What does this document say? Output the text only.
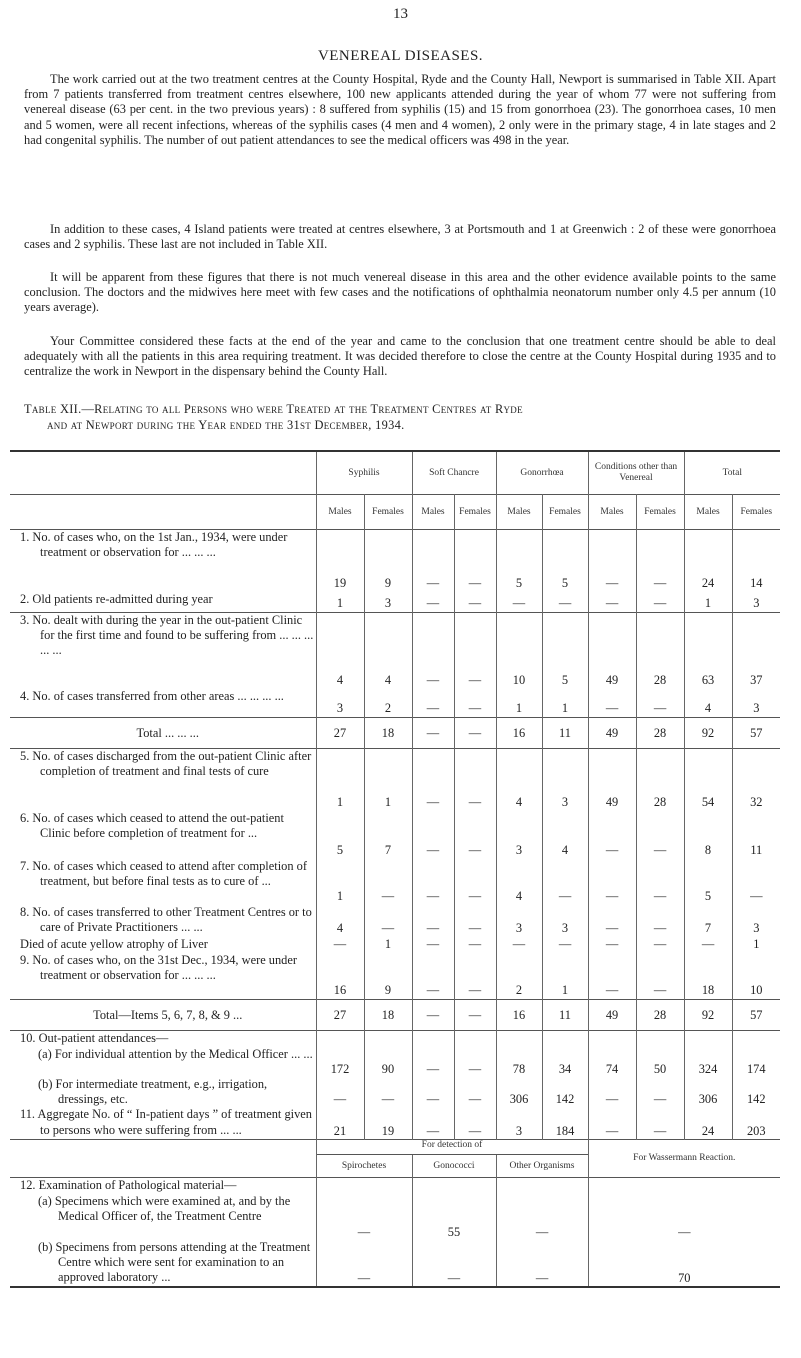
13
VENEREAL DISEASES.

The work carried out at the two treatment centres at the County Hospital, Ryde and the County Hall, Newport is summarised in Table XII. Apart from 7 patients transferred from treatment centres elsewhere, 100 new applicants attended during the year of whom 77 were not suffering from venereal disease (63 per cent. in the two previous years) : 8 suffered from syphilis (15) and 15 from gonorrhoea (23). The gonorrhoea cases, 10 men and 5 women, were all recent infections, whereas of the syphilis cases (4 men and 4 women), 2 only were in the primary stage, 4 in late stages and 2 had congenital syphilis. The number of out patient attendances to see the medical officers was 498 in the year.

In addition to these cases, 4 Island patients were treated at centres elsewhere, 3 at Portsmouth and 1 at Greenwich : 2 of these were gonorrhoea cases and 2 syphilis. These last are not included in Table XII.

It will be apparent from these figures that there is not much venereal disease in this area and the other evidence available points to the same conclusion. The doctors and the midwives here meet with few cases and the notifications of ophthalmia neonatorum number only 4.5 per annum (10 years average).

Your Committee considered these facts at the end of the year and came to the conclusion that one treatment centre should be able to deal adequately with all the patients in this area requiring treatment. It was decided therefore to close the centre at the County Hospital during 1935 and to centralize the work in Newport in the dispensary behind the County Hall.

Table XII.—Relating to all Persons who were Treated at the Treatment Centres at Ryde
and at Newport during the Year ended the 31st December, 1934.
	Syphilis		Soft Chancre		Gonorrhœa		Conditions other than Venereal		Total	
	Males	Females	Males	Females	Males	Females	Males	Females	Males	Females

1. No. of cases who, on the 1st Jan., 1934, were under treatment or observation for ... ... ...	19	9	—	—	5	5	—	—	24	14

2. Old patients re-admitted during year	1	3	—	—	—	—	—	—	1	3

3. No. dealt with during the year in the out-patient Clinic for the first time and found to be suffering from ... ... ... ... ...	4	4	—	—	10	5	49	28	63	37

4. No. of cases transferred from other areas ... ... ... ...	3	2	—	—	1	1	—	—	4	3
Total ... ... ...	27	18	—	—	16	11	49	28	92	57

5. No. of cases discharged from the out-patient Clinic after completion of treatment and final tests of cure	1	1	—	—	4	3	49	28	54	32

6. No. of cases which ceased to attend the out-patient Clinic before completion of treatment for ...	5	7	—	—	3	4	—	—	8	11

7. No. of cases which ceased to attend after completion of treatment, but before final tests as to cure of ...	1	—	—	—	4	—	—	—	5	—

8. No. of cases transferred to other Treatment Centres or to care of Private Practitioners ... ...	4	—	—	—	3	3	—	—	7	3

Died of acute yellow atrophy of Liver	—	1	—	—	—	—	—	—	—	1

9. No. of cases who, on the 31st Dec., 1934, were under treatment or observation for ... ... ...	16	9	—	—	2	1	—	—	18	10
Total—Items 5, 6, 7, 8, & 9 ...	27	18	—	—	16	11	49	28	92	57

10. Out-patient attendances—										

(a) For individual attention by the Medical Officer ... ...	172	90	—	—	78	34	74	50	324	174

(b) For intermediate treatment, e.g., irrigation, dressings, etc.	—	—	—	—	306	142	—	—	306	142

11. Aggregate No. of “ In-patient days ” of treatment given to persons who were suffering from ... ...	21	19	—	—	3	184	—	—	24	203
	For detection of						For Wassermann Reaction.			
	Spirochetes		Gonococci		Other Organisms					

12. Examination of Pathological material—										

(a) Specimens which were examined at, and by the Medical Officer of, the Treatment Centre	—		55		—		—			

(b) Specimens from persons attending at the Treatment Centre which were sent for examination to an approved laboratory ...	—		—		—		70			
